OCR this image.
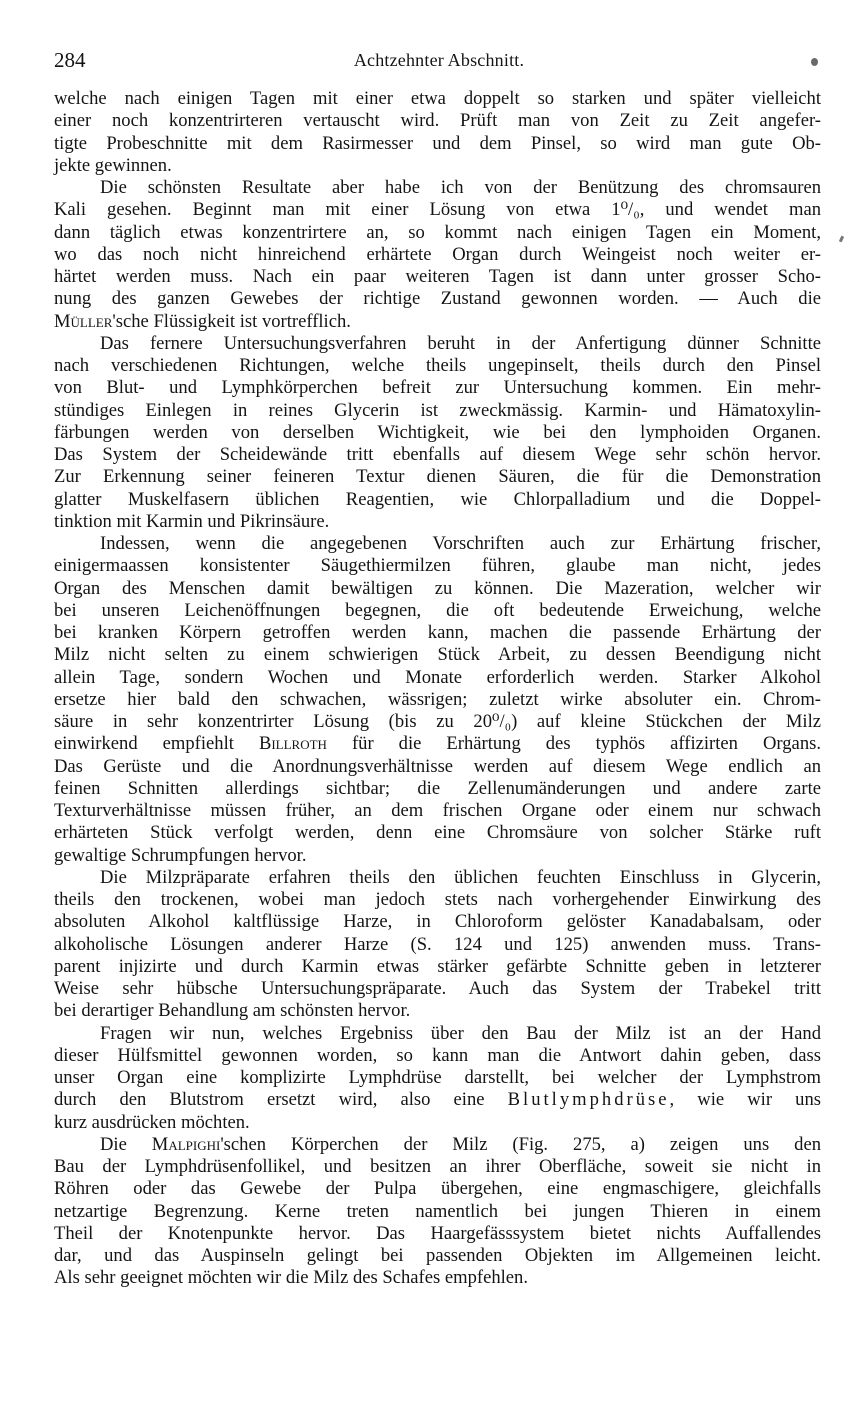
284	Achtzehnter Abschnitt.
welche nach einigen Tagen mit einer etwa doppelt so starken und später vielleicht
einer noch konzentrirteren vertauscht wird. Prüft man von Zeit zu Zeit angefer-
tigte Probeschnitte mit dem Rasirmesser und dem Pinsel, so wird man gute Ob-
jekte gewinnen.
Die schönsten Resultate aber habe ich von der Benützung des chromsauren
Kali gesehen. Beginnt man mit einer Lösung von etwa 1⁰/₀, und wendet man
dann täglich etwas konzentrirtere an, so kommt nach einigen Tagen ein Moment,
wo das noch nicht hinreichend erhärtete Organ durch Weingeist noch weiter er-
härtet werden muss. Nach ein paar weiteren Tagen ist dann unter grosser Scho-
nung des ganzen Gewebes der richtige Zustand gewonnen worden. — Auch die
Müller'sche Flüssigkeit ist vortrefflich.
Das fernere Untersuchungsverfahren beruht in der Anfertigung dünner Schnitte
nach verschiedenen Richtungen, welche theils ungepinselt, theils durch den Pinsel
von Blut- und Lymphkörperchen befreit zur Untersuchung kommen. Ein mehr-
stündiges Einlegen in reines Glycerin ist zweckmässig. Karmin- und Hämatoxylin-
färbungen werden von derselben Wichtigkeit, wie bei den lymphoiden Organen.
Das System der Scheidewände tritt ebenfalls auf diesem Wege sehr schön hervor.
Zur Erkennung seiner feineren Textur dienen Säuren, die für die Demonstration
glatter Muskelfasern üblichen Reagentien, wie Chlorpalladium und die Doppel-
tinktion mit Karmin und Pikrinsäure.
Indessen, wenn die angegebenen Vorschriften auch zur Erhärtung frischer,
einigermaassen konsistenter Säugethiermilzen führen, glaube man nicht, jedes
Organ des Menschen damit bewältigen zu können. Die Mazeration, welcher wir
bei unseren Leichenöffnungen begegnen, die oft bedeutende Erweichung, welche
bei kranken Körpern getroffen werden kann, machen die passende Erhärtung der
Milz nicht selten zu einem schwierigen Stück Arbeit, zu dessen Beendigung nicht
allein Tage, sondern Wochen und Monate erforderlich werden. Starker Alkohol
ersetze hier bald den schwachen, wässrigen; zuletzt wirke absoluter ein. Chrom-
säure in sehr konzentrirter Lösung (bis zu 20⁰/₀) auf kleine Stückchen der Milz
einwirkend empfiehlt Billroth für die Erhärtung des typhös affizirten Organs.
Das Gerüste und die Anordnungsverhältnisse werden auf diesem Wege endlich an
feinen Schnitten allerdings sichtbar; die Zellenumänderungen und andere zarte
Texturverhältnisse müssen früher, an dem frischen Organe oder einem nur schwach
erhärteten Stück verfolgt werden, denn eine Chromsäure von solcher Stärke ruft
gewaltige Schrumpfungen hervor.
Die Milzpräparate erfahren theils den üblichen feuchten Einschluss in Glycerin,
theils den trockenen, wobei man jedoch stets nach vorhergehender Einwirkung des
absoluten Alkohol kaltflüssige Harze, in Chloroform gelöster Kanadabalsam, oder
alkoholische Lösungen anderer Harze (S. 124 und 125) anwenden muss. Trans-
parent injizirte und durch Karmin etwas stärker gefärbte Schnitte geben in letzterer
Weise sehr hübsche Untersuchungspräparate. Auch das System der Trabekel tritt
bei derartiger Behandlung am schönsten hervor.
Fragen wir nun, welches Ergebniss über den Bau der Milz ist an der Hand
dieser Hülfsmittel gewonnen worden, so kann man die Antwort dahin geben, dass
unser Organ eine komplizirte Lymphdrüse darstellt, bei welcher der Lymphstrom
durch den Blutstrom ersetzt wird, also eine Blutlymphdrüse, wie wir uns
kurz ausdrücken möchten.
Die Malpighi'schen Körperchen der Milz (Fig. 275, a) zeigen uns den
Bau der Lymphdrüsenfollikel, und besitzen an ihrer Oberfläche, soweit sie nicht in
Röhren oder das Gewebe der Pulpa übergehen, eine engmaschigere, gleichfalls
netzartige Begrenzung. Kerne treten namentlich bei jungen Thieren in einem
Theil der Knotenpunkte hervor. Das Haargefässsystem bietet nichts Auffallendes
dar, und das Auspinseln gelingt bei passenden Objekten im Allgemeinen leicht.
Als sehr geeignet möchten wir die Milz des Schafes empfehlen.
